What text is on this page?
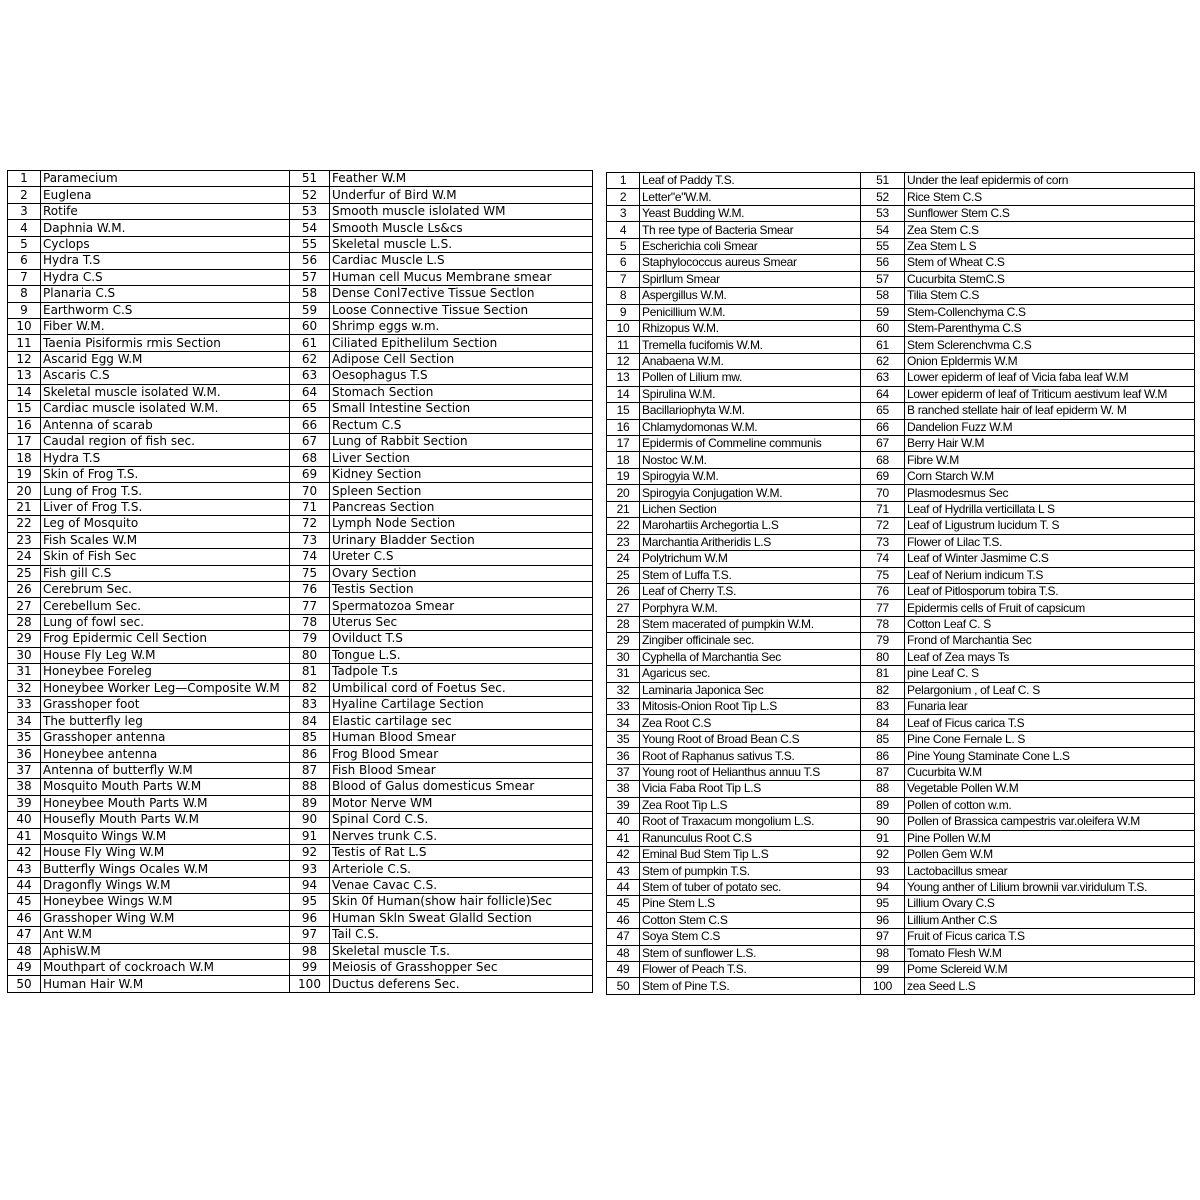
1	Paramecium	51	Feather W.M
2	Euglena	52	Underfur of Bird W.M
3	Rotife	53	Smooth muscle islolated WM
4	Daphnia W.M.	54	Smooth Muscle Ls&cs
5	Cyclops	55	Skeletal muscle L.S.
6	Hydra T.S	56	Cardiac Muscle L.S
7	Hydra C.S	57	Human cell Mucus Membrane smear
8	Planaria C.S	58	Dense Conl7ective Tissue Sectlon
9	Earthworm C.S	59	Loose Connective Tissue Section
10	Fiber W.M.	60	Shrimp eggs w.m.
11	Taenia Pisiformis rmis Section	61	Ciliated Epithelilum Section
12	Ascarid Egg W.M	62	Adipose Cell Section
13	Ascaris C.S	63	Oesophagus T.S
14	Skeletal muscle isolated W.M.	64	Stomach Section
15	Cardiac muscle isolated W.M.	65	Small Intestine Section
16	Antenna of scarab	66	Rectum C.S
17	Caudal region of fish sec.	67	Lung of Rabbit Section
18	Hydra T.S	68	Liver Section
19	Skin of Frog T.S.	69	Kidney Section
20	Lung of Frog T.S.	70	Spleen Section
21	Liver of Frog T.S.	71	Pancreas Section
22	Leg of Mosquito	72	Lymph Node Section
23	Fish Scales W.M	73	Urinary Bladder Section
24	Skin of Fish Sec	74	Ureter C.S
25	Fish gill C.S	75	Ovary Section
26	Cerebrum Sec.	76	Testis Section
27	Cerebellum Sec.	77	Spermatozoa Smear
28	Lung of fowl sec.	78	Uterus Sec
29	Frog Epidermic Cell Section	79	Ovilduct T.S
30	House Fly Leg W.M	80	Tongue L.S.
31	Honeybee Foreleg	81	Tadpole T.s
32	Honeybee Worker Leg—Composite W.M	82	Umbilical cord of Foetus Sec.
33	Grasshoper foot	83	Hyaline Cartilage Section
34	The butterfly leg	84	Elastic cartilage sec
35	Grasshoper antenna	85	Human Blood Smear
36	Honeybee antenna	86	Frog Blood Smear
37	Antenna of butterfly W.M	87	Fish Blood Smear
38	Mosquito Mouth Parts W.M	88	Blood of Galus domesticus Smear
39	Honeybee Mouth Parts W.M	89	Motor Nerve WM
40	Housefly Mouth Parts W.M	90	Spinal Cord C.S.
41	Mosquito Wings W.M	91	Nerves trunk C.S.
42	House Fly Wing W.M	92	Testis of Rat L.S
43	Butterfly Wings Ocales W.M	93	Arteriole C.S.
44	Dragonfly Wings W.M	94	Venae Cavac C.S.
45	Honeybee Wings W.M	95	Skin 0f Human(show hair follicle)Sec
46	Grasshoper Wing W.M	96	Human Skln Sweat Glalld Section
47	Ant W.M	97	Tail C.S.
48	AphisW.M	98	Skeletal muscle T.s.
49	Mouthpart of cockroach W.M	99	Meiosis of Grasshopper Sec
50	Human Hair W.M	100	Ductus deferens Sec.
1	Leaf of Paddy T.S.	51	Under the leaf epidermis of corn
2	Letter"e"W.M.	52	Rice Stem C.S
3	Yeast Budding W.M.	53	Sunflower Stem C.S
4	Th ree type of Bacteria Smear	54	Zea Stem C.S
5	Escherichia coli Smear	55	Zea Stem L S
6	Staphylococcus aureus Smear	56	Stem of Wheat C.S
7	Spirllum Smear	57	Cucurbita StemC.S
8	Aspergillus W.M.	58	Tilia Stem C.S
9	Penicillium W.M.	59	Stem-Collenchyma C.S
10	Rhizopus W.M.	60	Stem-Parenthyma C.S
11	Tremella fucifomis W.M.	61	Stem Sclerenchvma C.S
12	Anabaena W.M.	62	Onion Epldermis W.M
13	Pollen of Lilium mw.	63	Lower epiderm of leaf of Vicia faba leaf W.M
14	Spirulina W.M.	64	Lower epiderm of leaf of Triticum aestivum leaf W.M
15	Bacillariophyta W.M.	65	B ranched stellate hair of leaf epiderm W. M
16	Chlamydomonas W.M.	66	Dandelion Fuzz W.M
17	Epidermis of Commeline communis	67	Berry Hair W.M
18	Nostoc W.M.	68	Fibre W.M
19	Spirogyia W.M.	69	Corn Starch W.M
20	Spirogyia Conjugation W.M.	70	Plasmodesmus Sec
21	Lichen Section	71	Leaf of Hydrilla verticillata L S
22	Marohartiis Archegortia L.S	72	Leaf of Ligustrum lucidum T. S
23	Marchantia Aritheridis L.S	73	Flower of Lilac T.S.
24	Polytrichum W.M	74	Leaf of Winter Jasmime C.S
25	Stem of Luffa T.S.	75	Leaf of Nerium indicum T.S
26	Leaf of Cherry T.S.	76	Leaf of Pitlosporum tobira T.S.
27	Porphyra W.M.	77	Epidermis cells of Fruit of capsicum
28	Stem macerated of pumpkin W.M.	78	Cotton Leaf C. S
29	Zingiber officinale sec.	79	Frond of Marchantia Sec
30	Cyphella of Marchantia Sec	80	Leaf of Zea mays Ts
31	Agaricus sec.	81	pine Leaf C. S
32	Laminaria Japonica Sec	82	Pelargonium , of Leaf C. S
33	Mitosis-Onion Root Tip L.S	83	Funaria lear
34	Zea Root C.S	84	Leaf of Ficus carica T.S
35	Young Root of Broad Bean C.S	85	Pine Cone Fernale L. S
36	Root of Raphanus sativus T.S.	86	Pine Young Staminate Cone L.S
37	Young root of Helianthus annuu T.S	87	Cucurbita W.M
38	Vicia Faba Root Tip L.S	88	Vegetable Pollen W.M
39	Zea Root Tip L.S	89	Pollen of cotton w.m.
40	Root of Traxacum mongolium L.S.	90	Pollen of Brassica campestris var.oleifera W.M
41	Ranunculus Root C.S	91	Pine Pollen W.M
42	Eminal Bud Stem Tip L.S	92	Pollen Gem W.M
43	Stem of pumpkin T.S.	93	Lactobacillus smear
44	Stem of tuber of potato sec.	94	Young anther of Lilium brownii var.viridulum T.S.
45	Pine Stem L.S	95	Lillium Ovary C.S
46	Cotton Stem C.S	96	Lillium Anther C.S
47	Soya Stem C.S	97	Fruit of Ficus carica T.S
48	Stem of sunflower L.S.	98	Tomato Flesh W.M
49	Flower of Peach T.S.	99	Pome Sclereid W.M
50	Stem of Pine T.S.	100	zea Seed L.S
